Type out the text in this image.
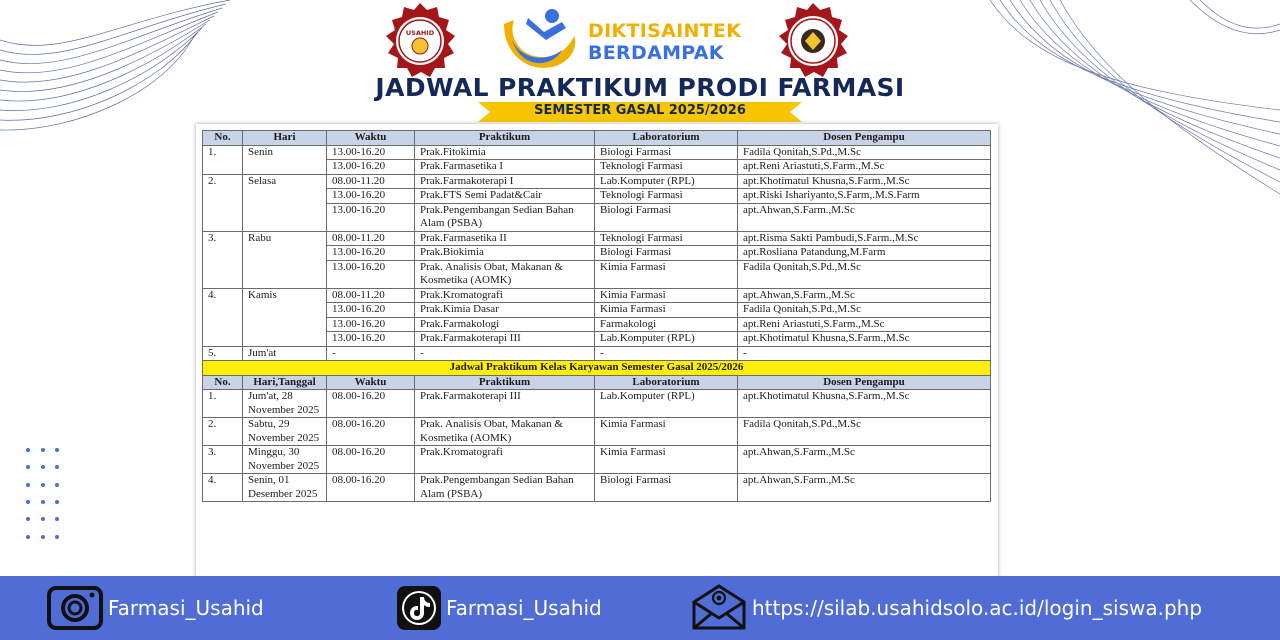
USAHID	DIKTISAINTEK
BERDAMPAK
JADWAL PRAKTIKUM PRODI FARMASI
SEMESTER GASAL 2025/2026
No.	Hari	Waktu	Praktikum	Laboratorium	Dosen Pengampu
1.	Senin	13.00-16.20	Prak.Fitokimia	Biologi Farmasi	Fadila Qonitah,S.Pd.,M.Sc
		13.00-16.20	Prak.Farmasetika I	Teknologi Farmasi	apt.Reni Ariastuti,S.Farm.,M.Sc
2.	Selasa	08.00-11.20	Prak.Farmakoterapi I	Lab.Komputer (RPL)	apt.Khotimatul Khusna,S.Farm.,M.Sc
		13.00-16.20	Prak.FTS Semi Padat&Cair	Teknologi Farmasi	apt.Riski Ishariyanto,S.Farm,.M.S.Farm
		13.00-16.20	Prak.Pengembangan Sedian Bahan Alam (PSBA)	Biologi Farmasi	apt.Ahwan,S.Farm.,M.Sc
3.	Rabu	08.00-11.20	Prak.Farmasetika II	Teknologi Farmasi	apt.Risma Sakti Pambudi,S.Farm.,M.Sc
		13.00-16.20	Prak.Biokimia	Biologi Farmasi	apt.Rosliana Patandung,M.Farm
		13.00-16.20	Prak. Analisis Obat, Makanan & Kosmetika (AOMK)	Kimia Farmasi	Fadila Qonitah,S.Pd.,M.Sc
4.	Kamis	08.00-11.20	Prak.Kromatografi	Kimia Farmasi	apt.Ahwan,S.Farm.,M.Sc
		13.00-16.20	Prak.Kimia Dasar	Kimia Farmasi	Fadila Qonitah,S.Pd.,M.Sc
		13.00-16.20	Prak.Farmakologi	Farmakologi	apt.Reni Ariastuti,S.Farm.,M.Sc
		13.00-16.20	Prak.Farmakoterapi III	Lab.Komputer (RPL)	apt.Khotimatul Khusna,S.Farm.,M.Sc
5.	Jum'at	-	-	-	-
Jadwal Praktikum Kelas Karyawan Semester Gasal 2025/2026					
No.	Hari,Tanggal	Waktu	Praktikum	Laboratorium	Dosen Pengampu
1.	Jum'at, 28 November 2025	08.00-16.20	Prak.Farmakoterapi III	Lab.Komputer (RPL)	apt.Khotimatul Khusna,S.Farm.,M.Sc
2.	Sabtu, 29 November 2025	08.00-16.20	Prak. Analisis Obat, Makanan & Kosmetika (AOMK)	Kimia Farmasi	Fadila Qonitah,S.Pd.,M.Sc
3.	Minggu, 30 November 2025	08.00-16.20	Prak.Kromatografi	Kimia Farmasi	apt.Ahwan,S.Farm.,M.Sc
4.	Senin, 01 Desember 2025	08.00-16.20	Prak.Pengembangan Sedian Bahan Alam (PSBA)	Biologi Farmasi	apt.Ahwan,S.Farm.,M.Sc
Farmasi_Usahid	Farmasi_Usahid	https://silab.usahidsolo.ac.id/login_siswa.php
